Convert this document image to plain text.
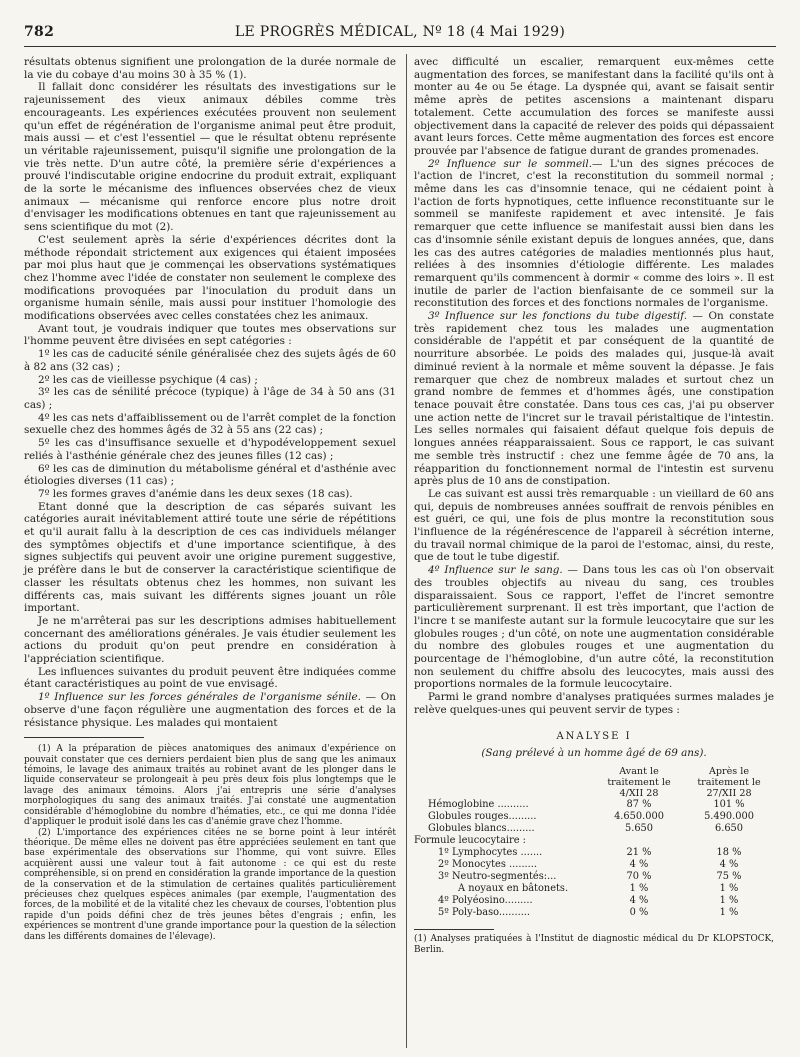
782	LE PROGRÈS MÉDICAL, Nº 18 (4 Mai 1929)

résultats obtenus signifient une prolongation de la durée normale de la vie du cobaye d'au moins 30 à 35 % (1).

Il fallait donc considérer les résultats des investigations sur le rajeunissement des vieux animaux débiles comme très encourageants. Les expériences exécutées prouvent non seulement qu'un effet de régénération de l'organisme animal peut être produit, mais aussi — et c'est l'essentiel — que le résultat obtenu représente un véritable rajeunissement, puisqu'il signifie une prolongation de la vie très nette. D'un autre côté, la première série d'expériences a prouvé l'indiscutable origine endocrine du produit extrait, expliquant de la sorte le mécanisme des influences observées chez de vieux animaux — mécanisme qui renforce encore plus notre droit d'envisager les modifications obtenues en tant que rajeunissement au sens scientifique du mot (2).

C'est seulement après la série d'expériences décrites dont la méthode répondait strictement aux exigences qui étaient imposées par moi plus haut que je commençai les observations systématiques chez l'homme avec l'idée de constater non seulement le complexe des modifications provoquées par l'inoculation du produit dans un organisme humain sénile, mais aussi pour instituer l'homologie des modifications observées avec celles constatées chez les animaux.

Avant tout, je voudrais indiquer que toutes mes observations sur l'homme peuvent être divisées en sept catégories :

1º les cas de caducité sénile généralisée chez des sujets âgés de 60 à 82 ans (32 cas) ;

2º les cas de vieillesse psychique (4 cas) ;

3º les cas de sénilité précoce (typique) à l'âge de 34 à 50 ans (31 cas) ;

4º les cas nets d'affaiblissement ou de l'arrêt complet de la fonction sexuelle chez des hommes âgés de 32 à 55 ans (22 cas) ;

5º les cas d'insuffisance sexuelle et d'hypodéveloppement sexuel reliés à l'asthénie générale chez des jeunes filles (12 cas) ;

6º les cas de diminution du métabolisme général et d'asthénie avec étiologies diverses (11 cas) ;

7º les formes graves d'anémie dans les deux sexes (18 cas).

Etant donné que la description de cas séparés suivant les catégories aurait inévitablement attiré toute une série de répétitions et qu'il aurait fallu à la description de ces cas individuels mélanger des symptômes objectifs et d'une importance scientifique, à des signes subjectifs qui peuvent avoir une origine purement suggestive, je préfère dans le but de conserver la caractéristique scientifique de classer les résultats obtenus chez les hommes, non suivant les différents cas, mais suivant les différents signes jouant un rôle important.

Je ne m'arrêterai pas sur les descriptions admises habituellement concernant des améliorations générales. Je vais étudier seulement les actions du produit qu'on peut prendre en considération à l'appréciation scientifique.

Les influences suivantes du produit peuvent être indiquées comme étant caractéristiques au point de vue envisagé.

1º Influence sur les forces générales de l'organisme sénile. — On observe d'une façon régulière une augmentation des forces et de la résistance physique. Les malades qui montaient

(1) A la préparation de pièces anatomiques des animaux d'expérience on pouvait constater que ces derniers perdaient bien plus de sang que les animaux témoins, le lavage des animaux traités au robinet avant de les plonger dans le liquide conservateur se prolongeait à peu près deux fois plus longtemps que le lavage des animaux témoins. Alors j'ai entrepris une série d'analyses morphologiques du sang des animaux traités. J'ai constaté une augmentation considérable d'hémoglobine du nombre d'hématies, etc., ce qui me donna l'idée d'appliquer le produit isolé dans les cas d'anémie grave chez l'homme.

(2) L'importance des expériences citées ne se borne point à leur intérêt théorique. De même elles ne doivent pas être appréciées seulement en tant que base expérimentale des observations sur l'homme, qui vont suivre. Elles acquièrent aussi une valeur tout à fait autonome : ce qui est du reste compréhensible, si on prend en considération la grande importance de la question de la conservation et de la stimulation de certaines qualités particulièrement précieuses chez quelques espèces animales (par exemple, l'augmentation des forces, de la mobilité et de la vitalité chez les chevaux de courses, l'obtention plus rapide d'un poids défini chez de très jeunes bêtes d'engrais ; enfin, les expériences se montrent d'une grande importance pour la question de la sélection dans les différents domaines de l'élevage).

avec difficulté un escalier, remarquent eux-mêmes cette augmentation des forces, se manifestant dans la facilité qu'ils ont à monter au 4e ou 5e étage. La dyspnée qui, avant se faisait sentir même après de petites ascensions a maintenant disparu totalement. Cette accumulation des forces se manifeste aussi objectivement dans la capacité de relever des poids qui dépassaient avant leurs forces. Cette même augmentation des forces est encore prouvée par l'absence de fatigue durant de grandes promenades.

2º Influence sur le sommeil.— L'un des signes précoces de l'action de l'incret, c'est la reconstitution du sommeil normal ; même dans les cas d'insomnie tenace, qui ne cédaient point à l'action de forts hypnotiques, cette influence reconstituante sur le sommeil se manifeste rapidement et avec intensité. Je fais remarquer que cette influence se manifestait aussi bien dans les cas d'insomnie sénile existant depuis de longues années, que, dans les cas des autres catégories de maladies mentionnés plus haut, reliées à des insomnies d'étiologie différente. Les malades remarquent qu'ils commencent à dormir « comme des loirs ». Il est inutile de parler de l'action bienfaisante de ce sommeil sur la reconstitution des forces et des fonctions normales de l'organisme.

3º Influence sur les fonctions du tube digestif. — On constate très rapidement chez tous les malades une augmentation considérable de l'appétit et par conséquent de la quantité de nourriture absorbée. Le poids des malades qui, jusque-là avait diminué revient à la normale et même souvent la dépasse. Je fais remarquer que chez de nombreux malades et surtout chez un grand nombre de femmes et d'hommes âgés, une constipation tenace pouvait être constatée. Dans tous ces cas, j'ai pu observer une action nette de l'incret sur le travail péristaltique de l'intestin. Les selles normales qui faisaient défaut quelque fois depuis de longues années réapparaissaient. Sous ce rapport, le cas suivant me semble très instructif : chez une femme âgée de 70 ans, la réapparition du fonctionnement normal de l'intestin est survenu après plus de 10 ans de constipation.

Le cas suivant est aussi très remarquable : un vieillard de 60 ans qui, depuis de nombreuses années souffrait de renvois pénibles en est guéri, ce qui, une fois de plus montre la reconstitution sous l'influence de la régénérescence de l'appareil à sécrétion interne, du travail normal chimique de la paroi de l'estomac, ainsi, du reste, que de tout le tube digestif.

4º Influence sur le sang. — Dans tous les cas où l'on observait des troubles objectifs au niveau du sang, ces troubles disparaissaient. Sous ce rapport, l'effet de l'incret semontre particulièrement surprenant. Il est très important, que l'action de l'incre t se manifeste autant sur la formule leucocytaire que sur les globules rouges ; d'un côté, on note une augmentation considérable du nombre des globules rouges et une augmentation du pourcentage de l'hémoglobine, d'un autre côté, la reconstitution non seulement du chiffre absolu des leucocytes, mais aussi des proportions normales de la formule leucocytaire.

Parmi le grand nombre d'analyses pratiquées surmes malades je relève quelques-unes qui peuvent servir de types :

ANALYSE I
(Sang prélevé à un homme âgé de 69 ans).
	Avant le traitement le 4/XII 28	Après le traitement le 27/XII 28
Hémoglobine ..........	87 %	101 %
Globules rouges.........	4.650.000	5.490.000
Globules blancs.........	5.650	6.650
Formule leucocytaire :		
1º Lymphocytes .......	21 %	18 %
2º Monocytes .........	4 %	4 %
3º Neutro-segmentés:...	70 %	75 %
A noyaux en bâtonets.	1 %	1 %
4º Polyéosino.........	4 %	1 %
5º Poly-baso..........	0 %	1 %
(1) Analyses pratiquées à l'Institut de diagnostic médical du Dr KLOPSTOCK, Berlin.
